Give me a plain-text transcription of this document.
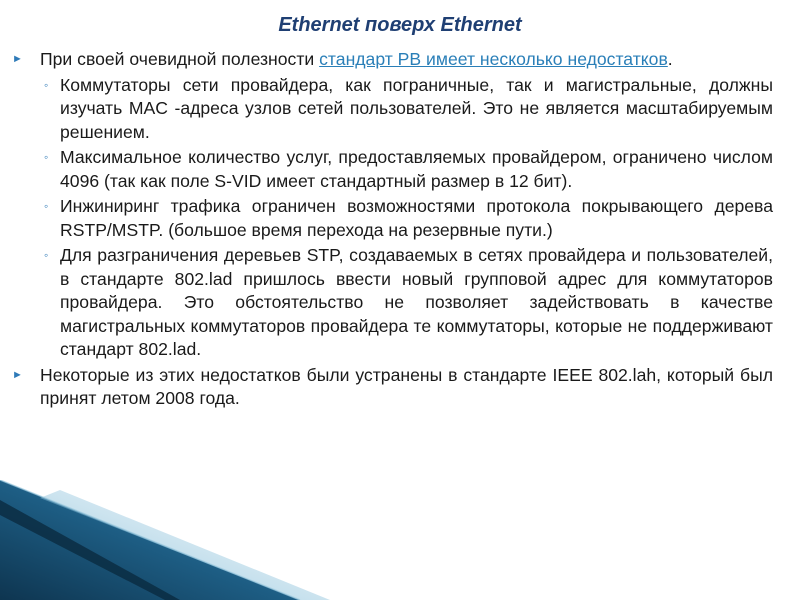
Ethernet поверх Ethernet
► При своей очевидной полезности стандарт PB имеет несколько недостатков.
◦ Коммутаторы сети провайдера, как пограничные, так и магистральные, должны изучать MAC -адреса узлов сетей пользователей. Это не является масштабируемым решением.
◦ Максимальное количество услуг, предоставляемых провайдером, ограничено числом 4096 (так как поле S-VID имеет стандартный размер в 12 бит).
◦ Инжиниринг трафика ограничен возможностями протокола покрывающего дерева RSTP/MSTP. (большое время перехода на резервные пути.)
◦ Для разграничения деревьев STP, создаваемых в сетях провайдера и пользователей, в стандарте 802.lad пришлось ввести новый групповой адрес для коммутаторов провайдера. Это обстоятельство не позволяет задействовать в качестве магистральных коммутаторов провайдера те коммутаторы, которые не поддерживают стандарт 802.lad.
► Некоторые из этих недостатков были устранены в стандарте IEEE 802.lah, который был принят летом 2008 года.
